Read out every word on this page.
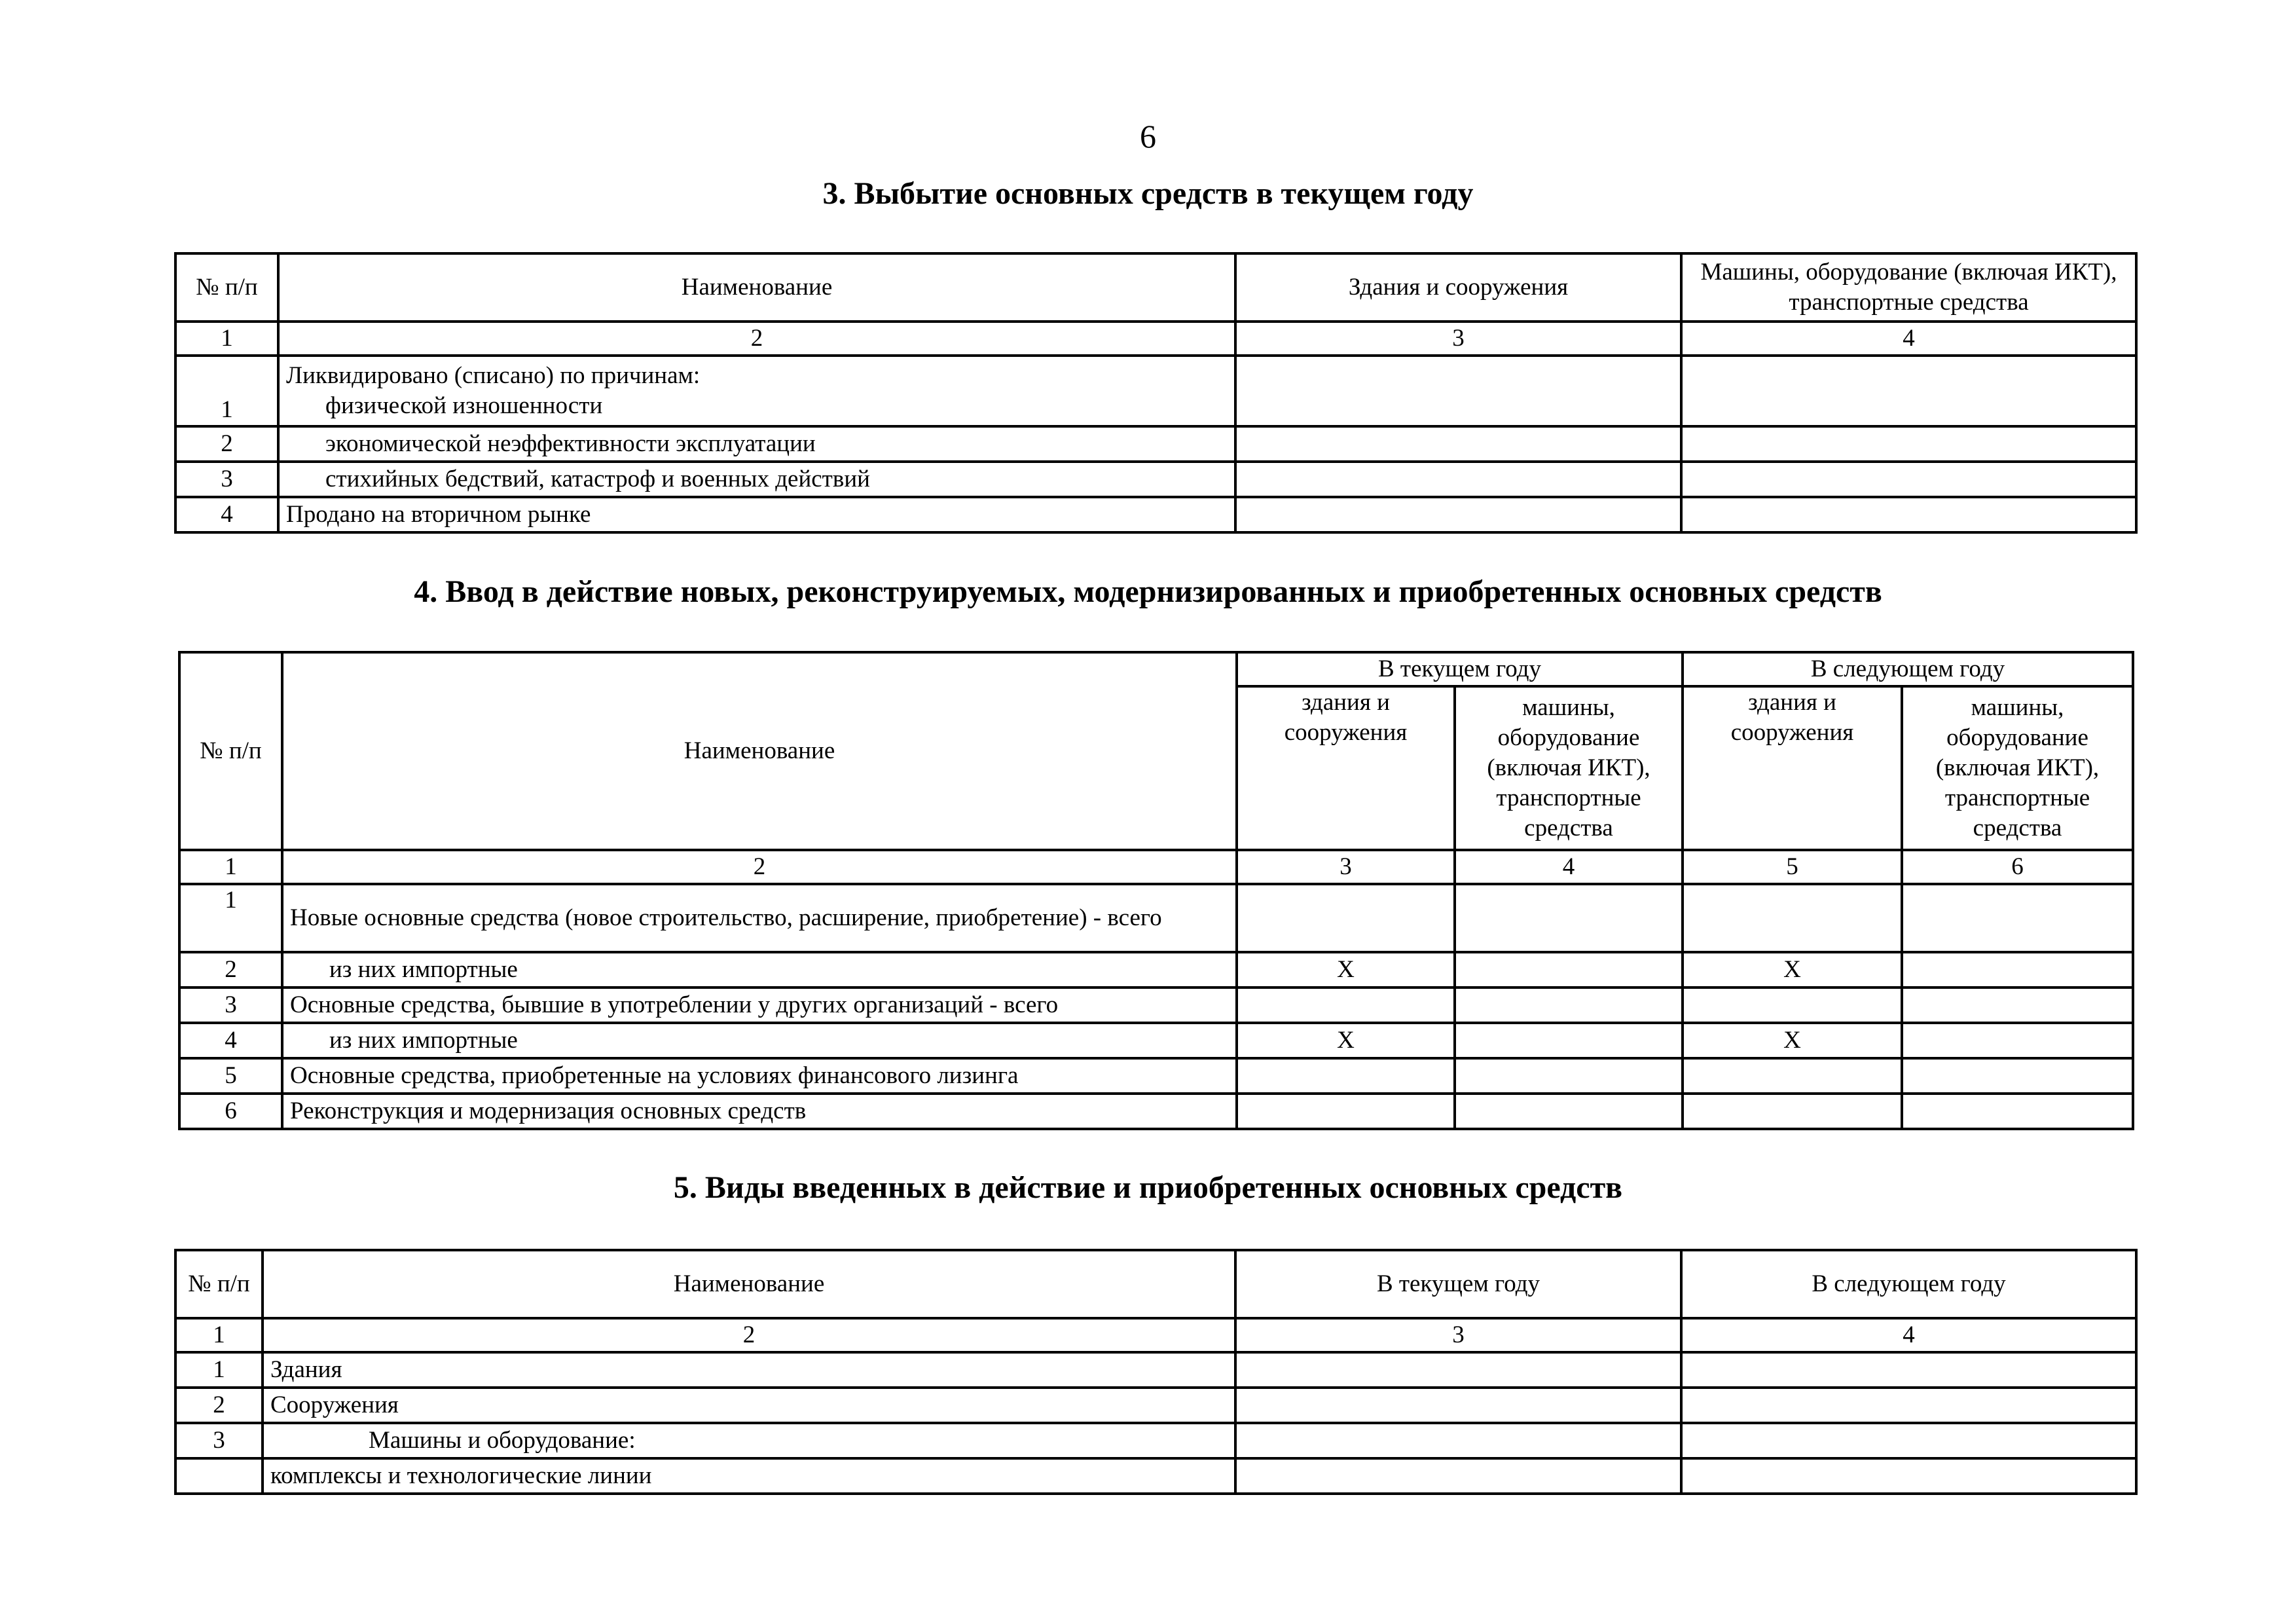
6
3. Выбытие основных средств в текущем году
№ п/п	Наименование	Здания и сооружения	Машины, оборудование (включая ИКТ), транспортные средства
1	2	3	4
1	Ликвидировано (списано) по причинам:
физической изношенности		

2	экономической неэффективности эксплуатации		
3	стихийных бедствий, катастроф и военных действий		
4	Продано на вторичном рынке		
4. Ввод в действие новых, реконструируемых, модернизированных и приобретенных основных средств
№ п/п	Наименование	В текущем году		В следующем году	
		здания и сооружения	машины, оборудование (включая ИКТ), транспортные средства	здания и сооружения	машины, оборудование (включая ИКТ), транспортные средства
1	2	3	4	5	6
1	Новые основные средства (новое строительство, расширение, приобретение) - всего				
2	из них импортные	X		X	
3	Основные средства, бывшие в употреблении у других организаций - всего				
4	из них импортные	X		X	
5	Основные средства, приобретенные на условиях финансового лизинга				
6	Реконструкция и модернизация основных средств				
5. Виды введенных в действие и приобретенных основных средств
№ п/п	Наименование	В текущем году	В следующем году
1	2	3	4
1	Здания		
2	Сооружения		
3	Машины и оборудование:		
	комплексы и технологические линии		
